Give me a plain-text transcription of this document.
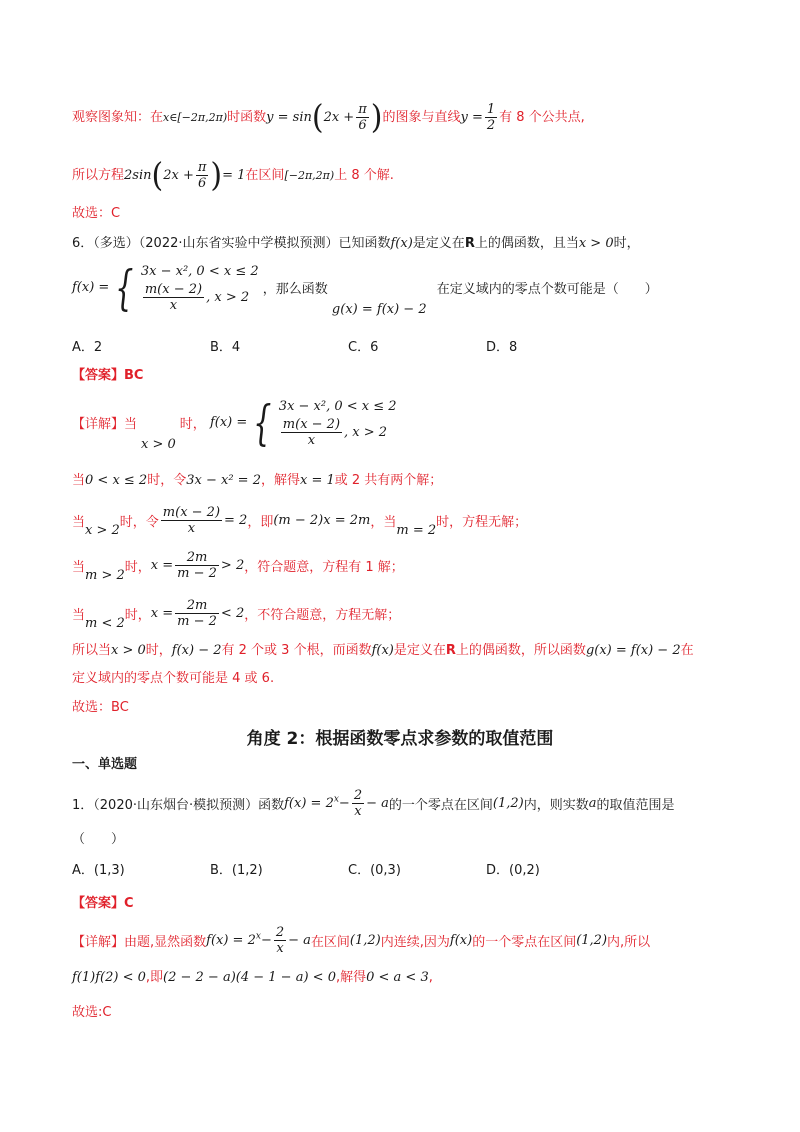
观察图象知：在x∈[−2π,2π)时函数$y = \sin(2x + \frac{\pi}{6}$ )的图象与直线$y = \frac{1}{2}$ 有 8 个公共点,
所以方程$2\sin(2x + \frac{\pi}{6}$ )= 1在区间[−2π,2π)上 8 个解.
故选：C
6．（多选）（2022·山东省实验中学模拟预测）已知函数f(x)是定义在R上的偶函数，且当x > 0时，
f(x) = { 3x − x², 0 < x ≤ 2
$\frac{m(x - 2)}{x}$ , x > 2
，那么函数 g(x) = f(x) − 2 在定义域内的零点个数可能是（　　）
A．2	B．4	C．6	D．8
【答案】BC
【详解】当x > 0时， f(x) = { 3x − x², 0 < x ≤ 2
$\frac{m(x - 2)}{x}$ , x > 2
当0 < x ≤ 2时，令3x − x² = 2，解得x = 1或 2 共有两个解；
当x > 2时，令 $\frac{m(x - 2)}{x} = 2$，即(m − 2)x = 2m，当m = 2时，方程无解；
当m > 2时，$x = \frac{2m}{m - 2} > 2$，符合题意，方程有 1 解；
当m < 2时，$x = \frac{2m}{m - 2} < 2$，不符合题意，方程无解；
所以当x > 0时，f(x) − 2有 2 个或 3 个根，而函数f(x)是定义在R上的偶函数，所以函数g(x) = f(x) − 2在
定义域内的零点个数可能是 4 或 6.
故选：BC
角度 2：根据函数零点求参数的取值范围
一、单选题
1．（2020·山东烟台·模拟预测）函数$f(x) = 2^x- \frac{2}{x} - a$的一个零点在区间(1,2)内，则实数a的取值范围是
（　　）
A．(1,3)	B．(1,2)	C．(0,3)	D．(0,2)
【答案】C
【详解】由题,显然函数$f(x) = 2^x- \frac{2}{x} - a$在区间(1,2)内连续,因为f(x)的一个零点在区间(1,2)内,所以
f(1)f(2) < 0,即(2 − 2 − a)(4 − 1 − a) < 0,解得0 < a < 3,
故选:C
